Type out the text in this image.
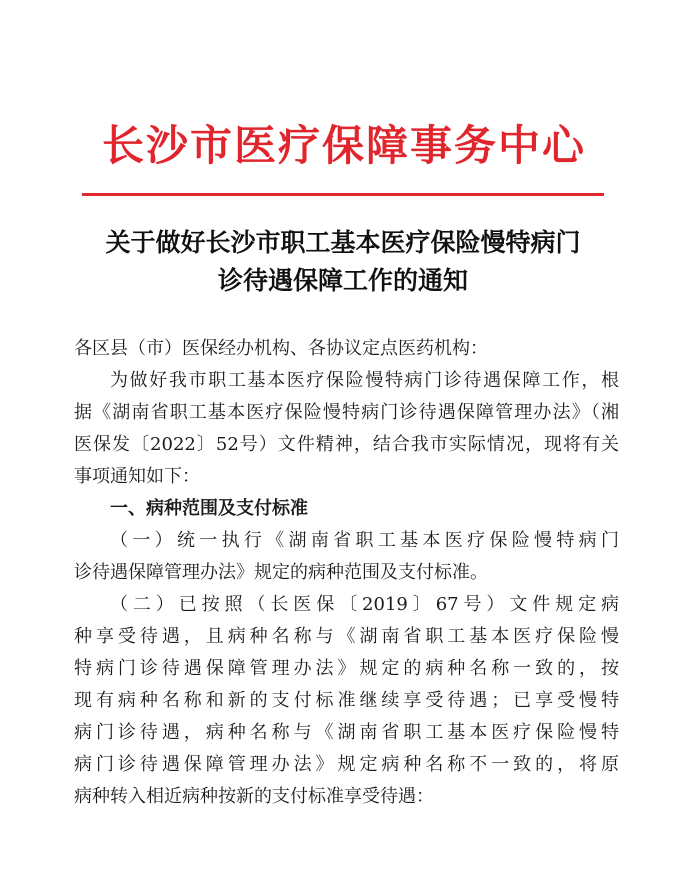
长沙市医疗保障事务中心
关于做好长沙市职工基本医疗保险慢特病门
诊待遇保障工作的通知
各区县（市）医保经办机构、各协议定点医药机构：
为做好我市职工基本医疗保险慢特病门诊待遇保障工作，根
据《湖南省职工基本医疗保险慢特病门诊待遇保障管理办法》（湘
医保发〔2022〕52号）文件精神，结合我市实际情况，现将有关
事项通知如下：
一、病种范围及支付标准
（一）统一执行《湖南省职工基本医疗保险慢特病门
诊待遇保障管理办法》规定的病种范围及支付标准。
（二）已按照（长医保〔2019〕67号）文件规定病
种享受待遇，且病种名称与《湖南省职工基本医疗保险慢
特病门诊待遇保障管理办法》规定的病种名称一致的，按
现有病种名称和新的支付标准继续享受待遇；已享受慢特
病门诊待遇，病种名称与《湖南省职工基本医疗保险慢特
病门诊待遇保障管理办法》规定病种名称不一致的，将原
病种转入相近病种按新的支付标准享受待遇：
